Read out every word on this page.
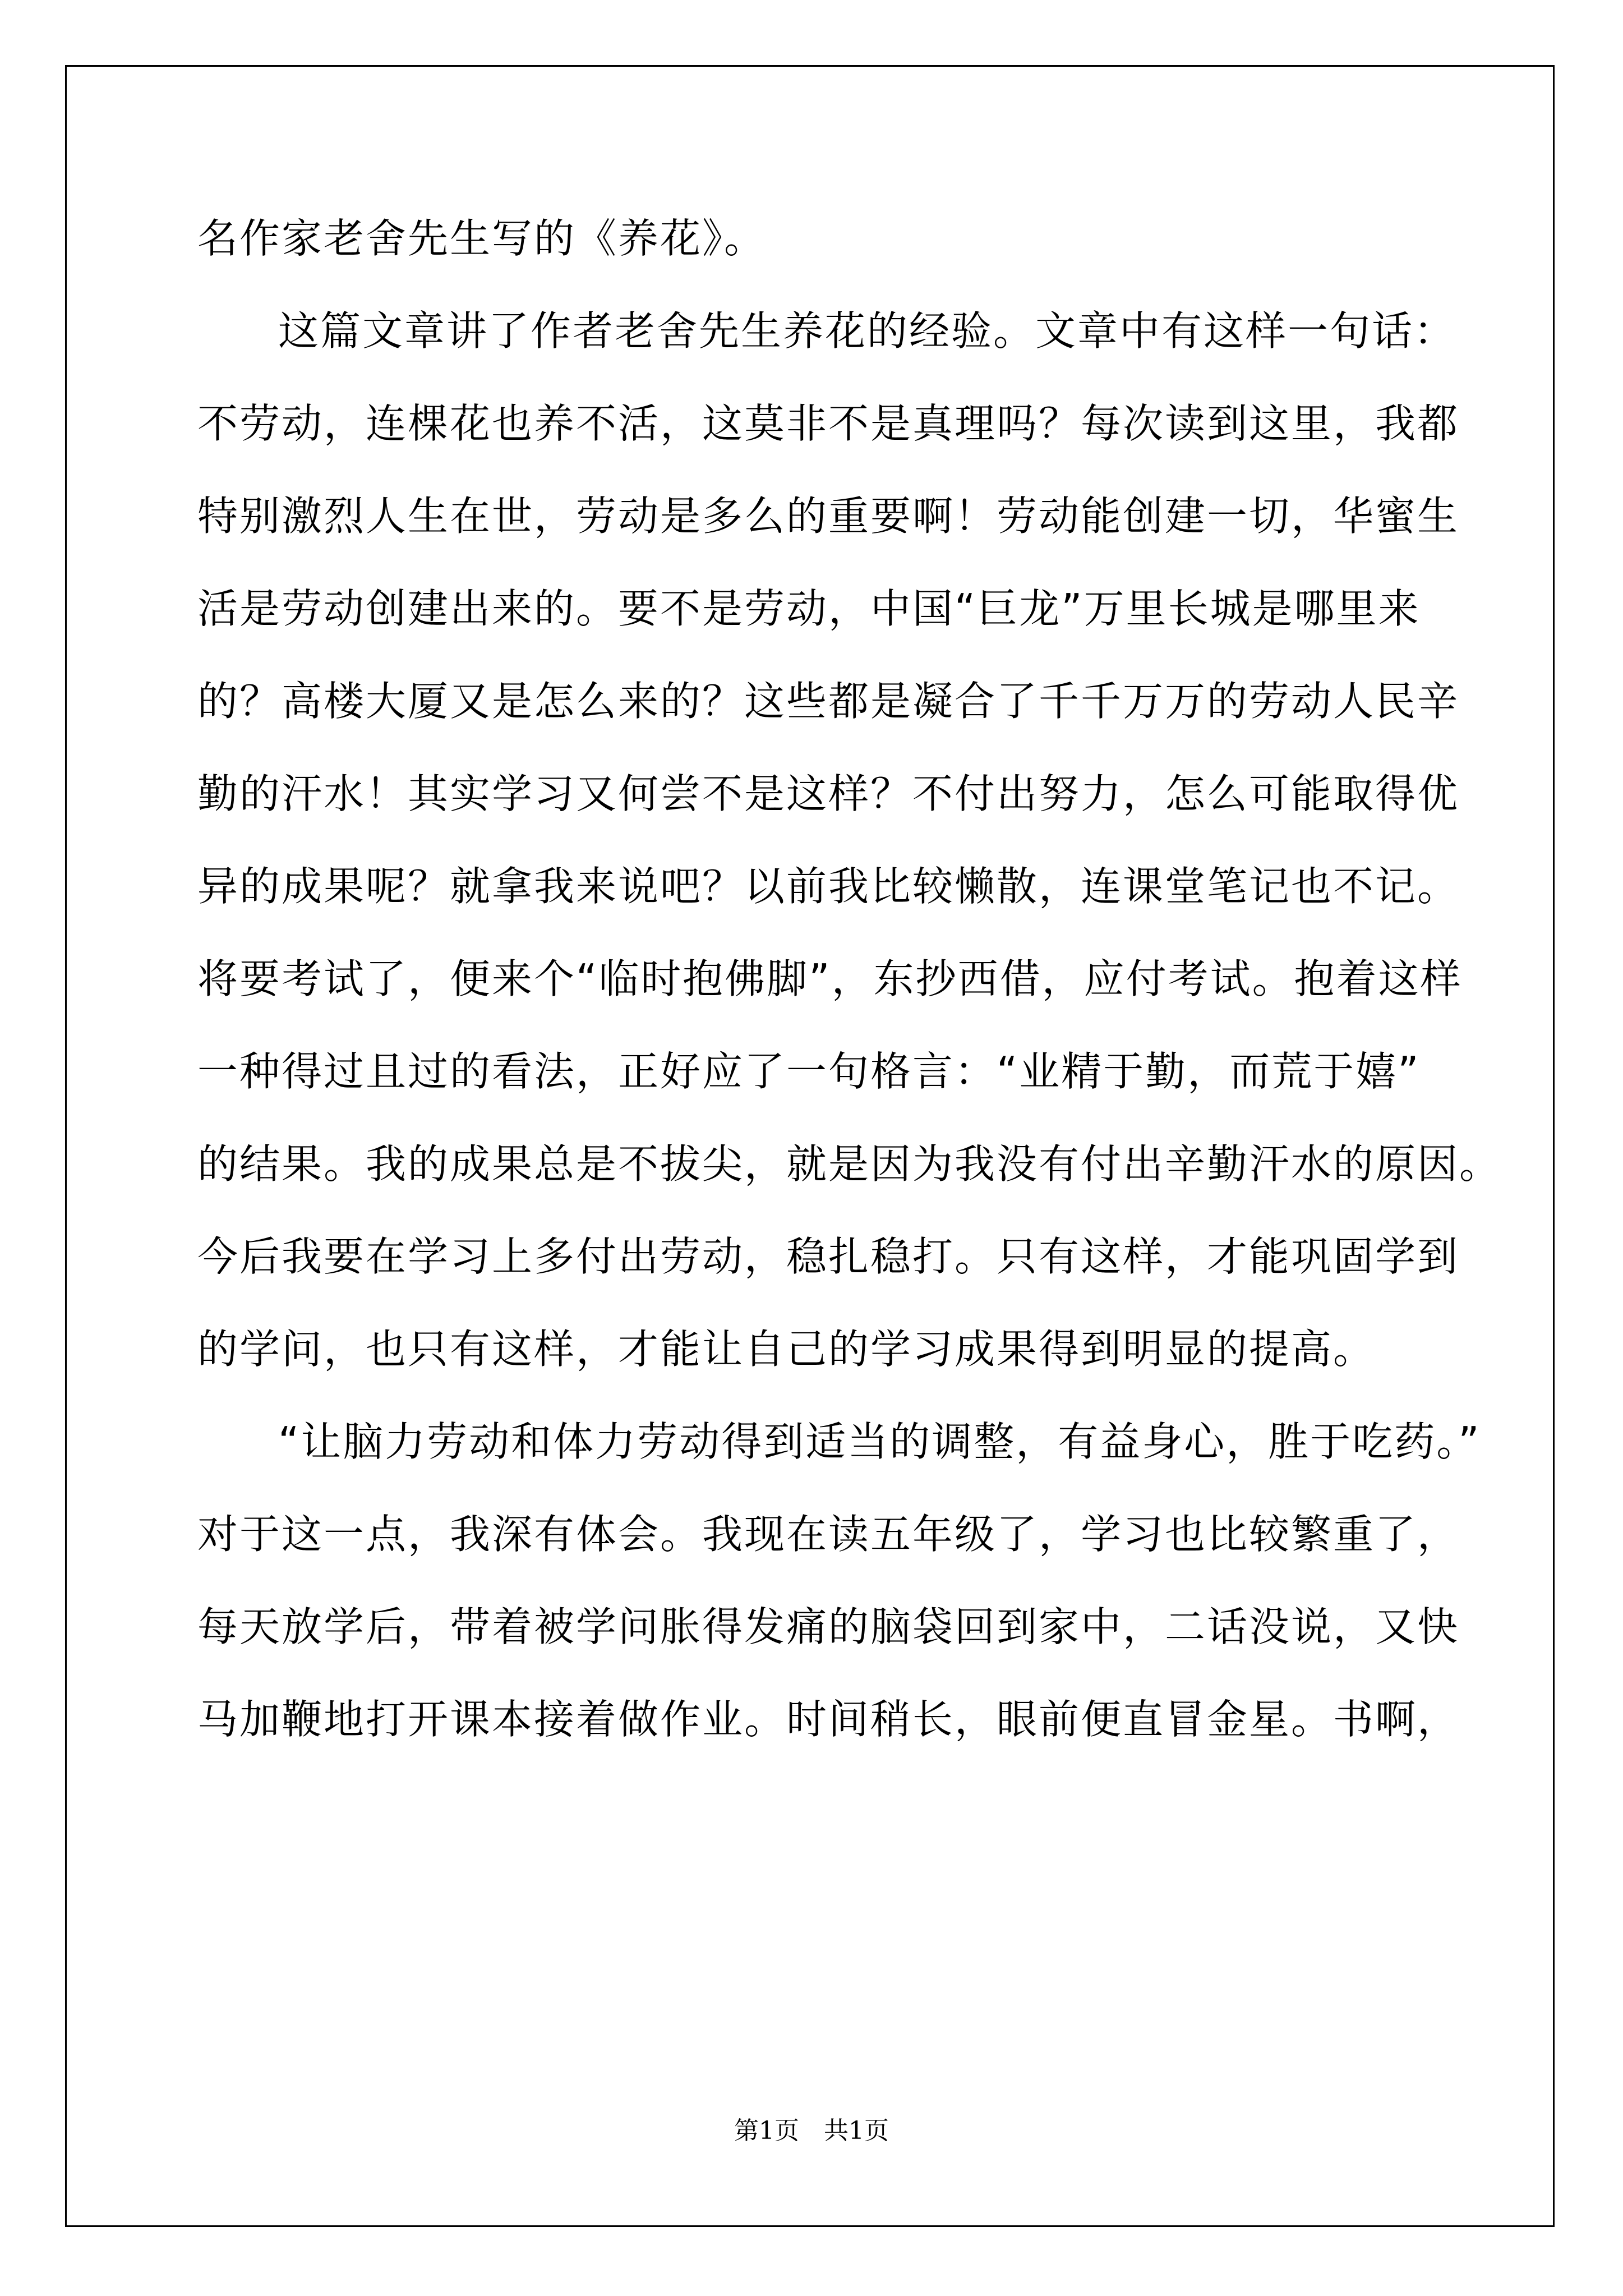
名作家老舍先生写的《养花》。
这篇文章讲了作者老舍先生养花的经验。文章中有这样一句话：
不劳动，连棵花也养不活，这莫非不是真理吗？每次读到这里，我都
特别激烈人生在世，劳动是多么的重要啊！劳动能创建一切，华蜜生
活是劳动创建出来的。要不是劳动，中国“巨龙”万里长城是哪里来
的？高楼大厦又是怎么来的？这些都是凝合了千千万万的劳动人民辛
勤的汗水！其实学习又何尝不是这样？不付出努力，怎么可能取得优
异的成果呢？就拿我来说吧？以前我比较懒散，连课堂笔记也不记。
将要考试了，便来个“临时抱佛脚”，东抄西借，应付考试。抱着这样
一种得过且过的看法，正好应了一句格言：“业精于勤，而荒于嬉”
的结果。我的成果总是不拔尖，就是因为我没有付出辛勤汗水的原因。
今后我要在学习上多付出劳动，稳扎稳打。只有这样，才能巩固学到
的学问，也只有这样，才能让自己的学习成果得到明显的提高。
“让脑力劳动和体力劳动得到适当的调整，有益身心，胜于吃药。”
对于这一点，我深有体会。我现在读五年级了，学习也比较繁重了，
每天放学后，带着被学问胀得发痛的脑袋回到家中，二话没说，又快
马加鞭地打开课本接着做作业。时间稍长，眼前便直冒金星。书啊，
第1页　共1页
